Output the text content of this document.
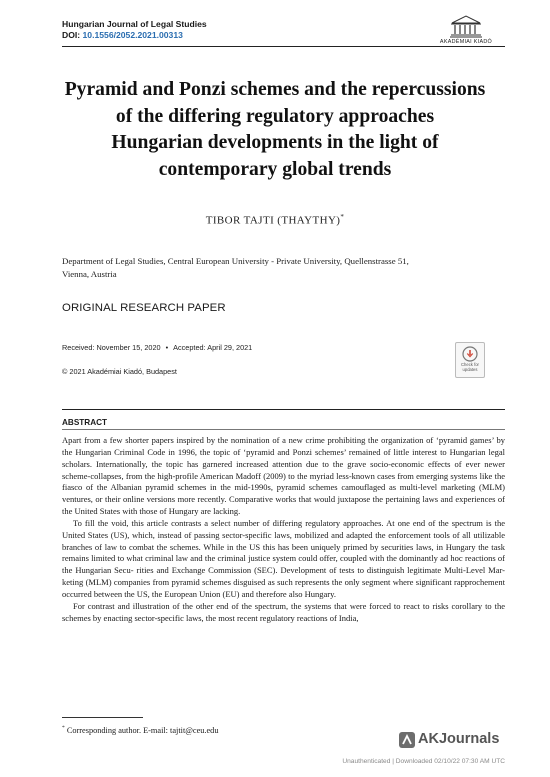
Hungarian Journal of Legal Studies
DOI: 10.1556/2052.2021.00313
AKADÉMIAI KIADÓ
Pyramid and Ponzi schemes and the repercussions
of the differing regulatory approaches
Hungarian developments in the light of
contemporary global trends
TIBOR TAJTI (THAYTHY)*
Department of Legal Studies, Central European University - Private University, Quellenstrasse 51,
Vienna, Austria
ORIGINAL RESEARCH PAPER
Received: November 15, 2020 • Accepted: April 29, 2021
© 2021 Akadémiai Kiadó, Budapest
Check for
updates
ABSTRACT

Apart from a few shorter papers inspired by the nomination of a new crime prohibiting the organization of ‘pyramid games’ by the Hungarian Criminal Code in 1996, the topic of ‘pyramid and Ponzi schemes’ remained of little interest to Hungarian legal scholars. Internationally, the topic has garnered increased attention due to the grave socio-economic effects of ever newer scheme-collapses, from the high-profile American Madoff (2009) to the myriad less-known cases from emerging systems like the fiasco of the Albanian pyramid schemes in the mid-1990s, pyramid schemes camouflaged as multi-level marketing (MLM) ventures, or their online versions more recently. Comparative works that would juxtapose the pertaining laws and experiences of the United States with those of Hungary are lacking.

To fill the void, this article contrasts a select number of differing regulatory approaches. At one end of the spectrum is the United States (US), which, instead of passing sector-specific laws, mobilized and adapted the enforcement tools of all utilizable branches of law to combat the schemes. While in the US this has been uniquely primed by securities laws, in Hungary the task remains limited to what criminal law and the criminal justice system could offer, coupled with the dominantly ad hoc reactions of the Hungarian Secu- rities and Exchange Commission (SEC). Development of tests to distinguish legitimate Multi-Level Mar- keting (MLM) companies from pyramid schemes disguised as such represents the only segment where significant rapprochement occurred between the US, the European Union (EU) and therefore also Hungary.

For contrast and illustration of the other end of the spectrum, the systems that were forced to react to risks corollary to the schemes by enacting sector-specific laws, the most recent regulatory reactions of India,

* Corresponding author. E-mail: tajtit@ceu.edu
AKJournals
Unauthenticated | Downloaded 02/10/22 07:30 AM UTC
